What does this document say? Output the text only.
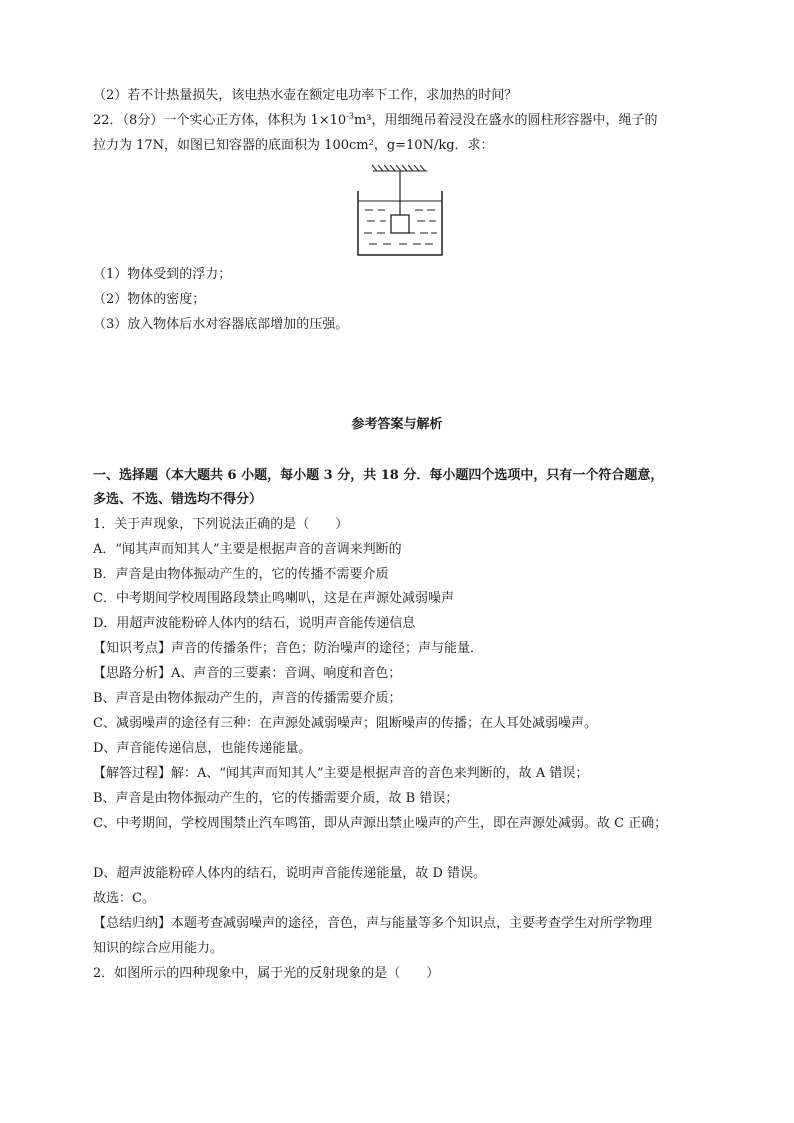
（2）若不计热量损失，该电热水壶在额定电功率下工作，求加热的时间？
22．（8分）一个实心正方体，体积为 $1\times 10^{-3}m^3$，用细绳吊着浸没在盛水的圆柱形容器中，绳子的
拉力为 17N，如图已知容器的底面积为 100cm²，g=10N/kg．求：
（1）物体受到的浮力；
（2）物体的密度；
（3）放入物体后水对容器底部增加的压强。
参考答案与解析
一、选择题（本大题共 6 小题，每小题 3 分，共 18 分．每小题四个选项中，只有一个符合题意，
多选、不选、错选均不得分）
1．关于声现象，下列说法正确的是（　　）
A．“闻其声而知其人”主要是根据声音的音调来判断的
B．声音是由物体振动产生的，它的传播不需要介质
C．中考期间学校周围路段禁止鸣喇叭，这是在声源处减弱噪声
D．用超声波能粉碎人体内的结石，说明声音能传递信息
【知识考点】声音的传播条件；音色；防治噪声的途径；声与能量．
【思路分析】A、声音的三要素：音调、响度和音色；
B、声音是由物体振动产生的，声音的传播需要介质；
C、减弱噪声的途径有三种：在声源处减弱噪声；阻断噪声的传播；在人耳处减弱噪声。
D、声音能传递信息，也能传递能量。
【解答过程】解：A、“闻其声而知其人”主要是根据声音的音色来判断的，故 A 错误；
B、声音是由物体振动产生的，它的传播需要介质，故 B 错误；
C、中考期间，学校周围禁止汽车鸣笛，即从声源出禁止噪声的产生，即在声源处减弱。故 C 正确；
D、超声波能粉碎人体内的结石，说明声音能传递能量，故 D 错误。
故选：C。
【总结归纳】本题考查减弱噪声的途径，音色，声与能量等多个知识点，主要考查学生对所学物理
知识的综合应用能力。
2．如图所示的四种现象中，属于光的反射现象的是（　　）
